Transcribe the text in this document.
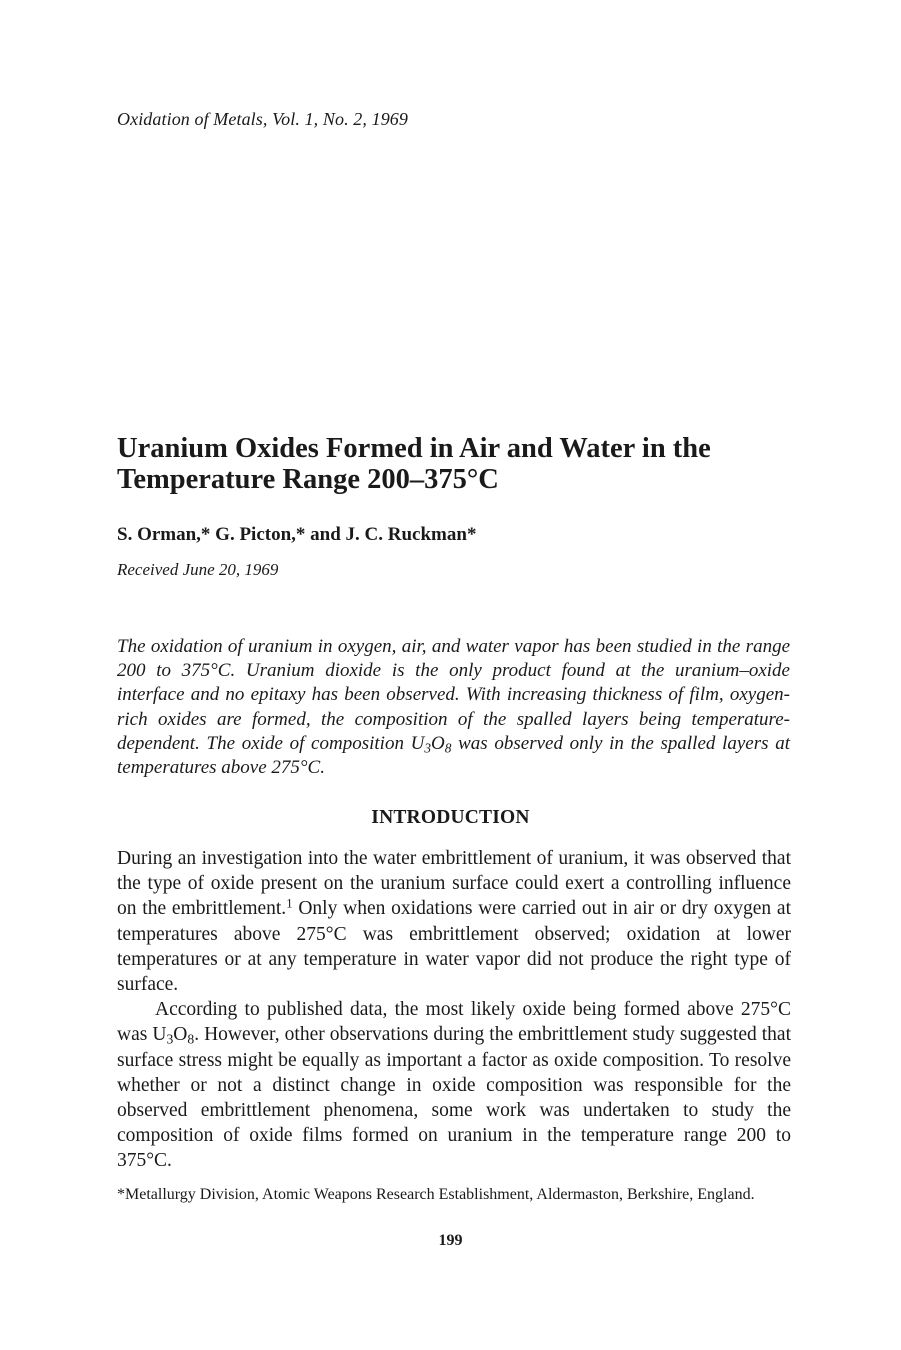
Oxidation of Metals, Vol. 1, No. 2, 1969
Uranium Oxides Formed in Air and Water in the
Temperature Range 200–375°C
S. Orman,* G. Picton,* and J. C. Ruckman*
Received June 20, 1969

The oxidation of uranium in oxygen, air, and water vapor has been studied in the range 200 to 375°C. Uranium dioxide is the only product found at the uranium–oxide interface and no epitaxy has been observed. With increasing thickness of film, oxygen-rich oxides are formed, the composition of the spalled layers being temperature-dependent. The oxide of composition $U_3O_8$ was observed only in the spalled layers at temperatures above 275°C.

INTRODUCTION

During an investigation into the water embrittlement of uranium, it was observed that the type of oxide present on the uranium surface could exert a controlling influence on the embrittlement.$^1$ Only when oxidations were carried out in air or dry oxygen at temperatures above 275°C was embrittlement observed; oxidation at lower temperatures or at any temperature in water vapor did not produce the right type of surface.

According to published data, the most likely oxide being formed above 275°C was $U_3O_8$. However, other observations during the embrittlement study suggested that surface stress might be equally as important a factor as oxide composition. To resolve whether or not a distinct change in oxide composition was responsible for the observed embrittlement phenomena, some work was undertaken to study the composition of oxide films formed on uranium in the temperature range 200 to 375°C.

*Metallurgy Division, Atomic Weapons Research Establishment, Aldermaston, Berkshire, England.
199
